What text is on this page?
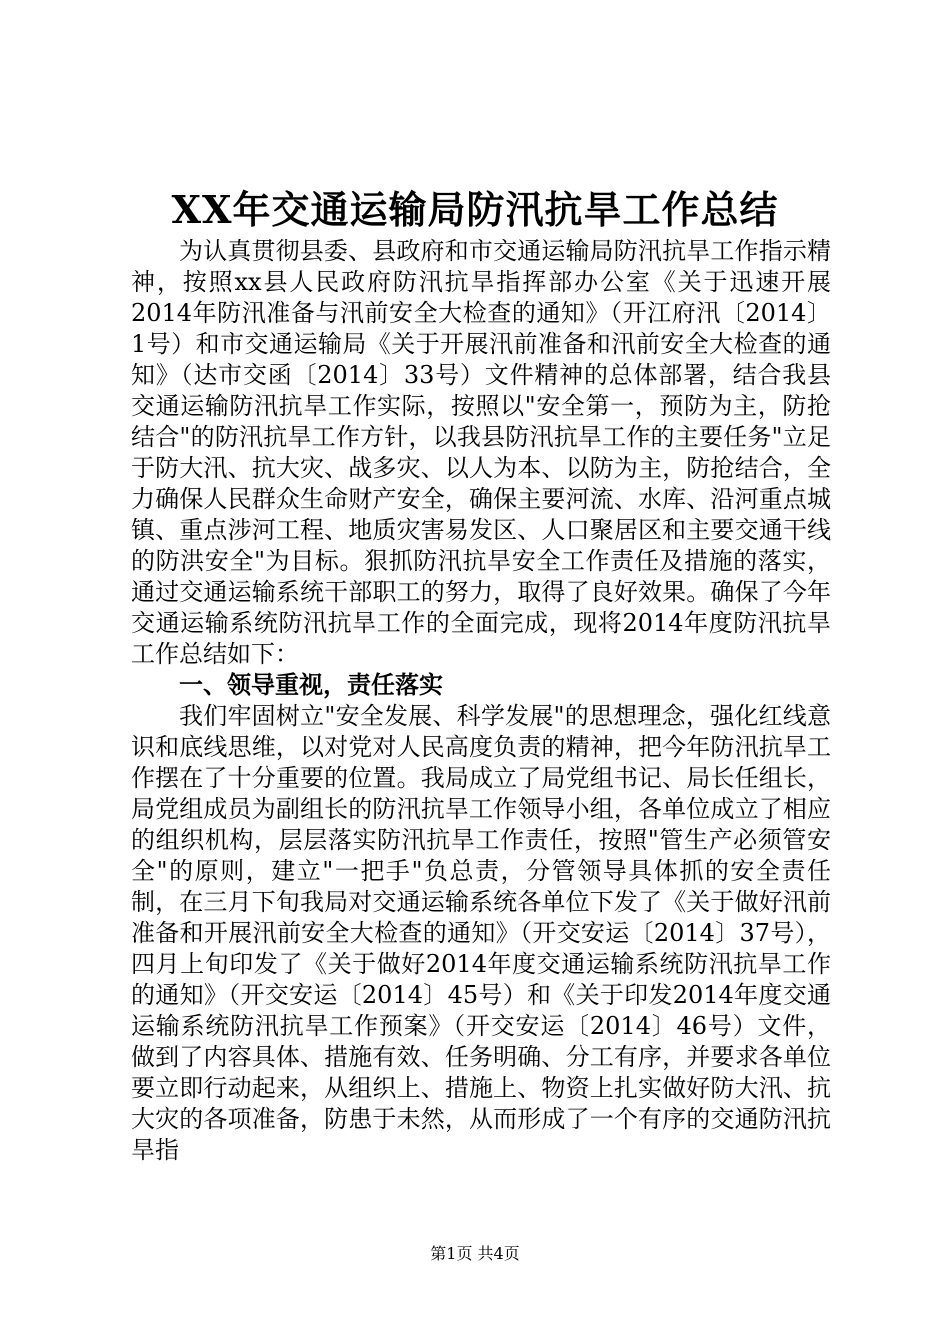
XX年交通运输局防汛抗旱工作总结

为认真贯彻县委、县政府和市交通运输局防汛抗旱工作指示精神，按照xx县人民政府防汛抗旱指挥部办公室《关于迅速开展2014年防汛准备与汛前安全大检查的通知》（开江府汛〔2014〕1号）和市交通运输局《关于开展汛前准备和汛前安全大检查的通知》（达市交函〔2014〕33号）文件精神的总体部署，结合我县交通运输防汛抗旱工作实际，按照以"安全第一，预防为主，防抢结合"的防汛抗旱工作方针，以我县防汛抗旱工作的主要任务"立足于防大汛、抗大灾、战多灾、以人为本、以防为主，防抢结合，全力确保人民群众生命财产安全，确保主要河流、水库、沿河重点城镇、重点涉河工程、地质灾害易发区、人口聚居区和主要交通干线的防洪安全"为目标。狠抓防汛抗旱安全工作责任及措施的落实，通过交通运输系统干部职工的努力，取得了良好效果。确保了今年交通运输系统防汛抗旱工作的全面完成，现将2014年度防汛抗旱工作总结如下：

一、领导重视，责任落实

我们牢固树立"安全发展、科学发展"的思想理念，强化红线意识和底线思维，以对党对人民高度负责的精神，把今年防汛抗旱工作摆在了十分重要的位置。我局成立了局党组书记、局长任组长，局党组成员为副组长的防汛抗旱工作领导小组，各单位成立了相应的组织机构，层层落实防汛抗旱工作责任，按照"管生产必须管安全"的原则，建立"一把手"负总责，分管领导具体抓的安全责任制，在三月下旬我局对交通运输系统各单位下发了《关于做好汛前准备和开展汛前安全大检查的通知》（开交安运〔2014〕37号），四月上旬印发了《关于做好2014年度交通运输系统防汛抗旱工作的通知》（开交安运〔2014〕45号）和《关于印发2014年度交通运输系统防汛抗旱工作预案》（开交安运〔2014〕46号）文件，做到了内容具体、措施有效、任务明确、分工有序，并要求各单位要立即行动起来，从组织上、措施上、物资上扎实做好防大汛、抗大灾的各项准备，防患于未然，从而形成了一个有序的交通防汛抗旱指

第1页 共4页
